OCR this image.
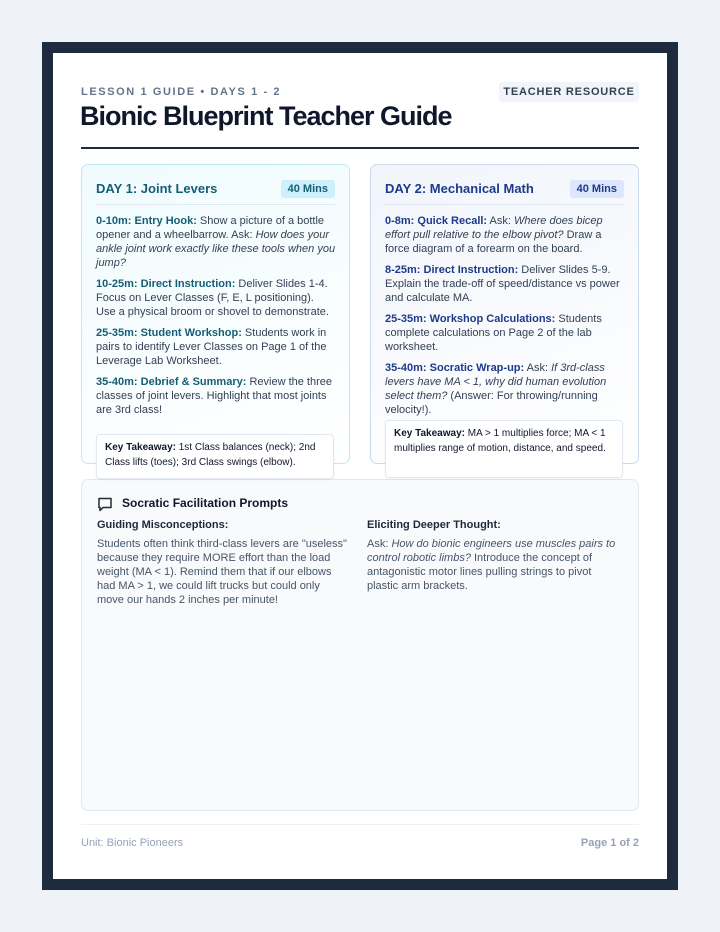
LESSON 1 GUIDE • DAYS 1 - 2	TEACHER RESOURCE
Bionic Blueprint Teacher Guide
DAY 1: Joint Levers	40 Mins

0-10m: Entry Hook: Show a picture of a bottle opener and a wheelbarrow. Ask: How does your ankle joint work exactly like these tools when you jump?

10-25m: Direct Instruction: Deliver Slides 1-4. Focus on Lever Classes (F, E, L positioning). Use a physical broom or shovel to demonstrate.

25-35m: Student Workshop: Students work in pairs to identify Lever Classes on Page 1 of the Leverage Lab Worksheet.

35-40m: Debrief & Summary: Review the three classes of joint levers. Highlight that most joints are 3rd class!

DAY 2: Mechanical Math	40 Mins

0-8m: Quick Recall: Ask: Where does bicep effort pull relative to the elbow pivot? Draw a force diagram of a forearm on the board.

8-25m: Direct Instruction: Deliver Slides 5-9. Explain the trade-off of speed/distance vs power and calculate MA.

25-35m: Workshop Calculations: Students complete calculations on Page 2 of the lab worksheet.

35-40m: Socratic Wrap-up: Ask: If 3rd-class levers have MA < 1, why did human evolution select them? (Answer: For throwing/running velocity!).

Key Takeaway: 1st Class balances (neck); 2nd Class lifts (toes); 3rd Class swings (elbow).
Key Takeaway: MA > 1 multiplies force; MA < 1 multiplies range of motion, distance, and speed.
Socratic Facilitation Prompts
Guiding Misconceptions:
Students often think third-class levers are "useless" because they require MORE effort than the load weight (MA < 1). Remind them that if our elbows had MA > 1, we could lift trucks but could only move our hands 2 inches per minute!
Eliciting Deeper Thought:
Ask: How do bionic engineers use muscles pairs to control robotic limbs? Introduce the concept of antagonistic motor lines pulling strings to pivot plastic arm brackets.
Unit: Bionic Pioneers	Page 1 of 2
